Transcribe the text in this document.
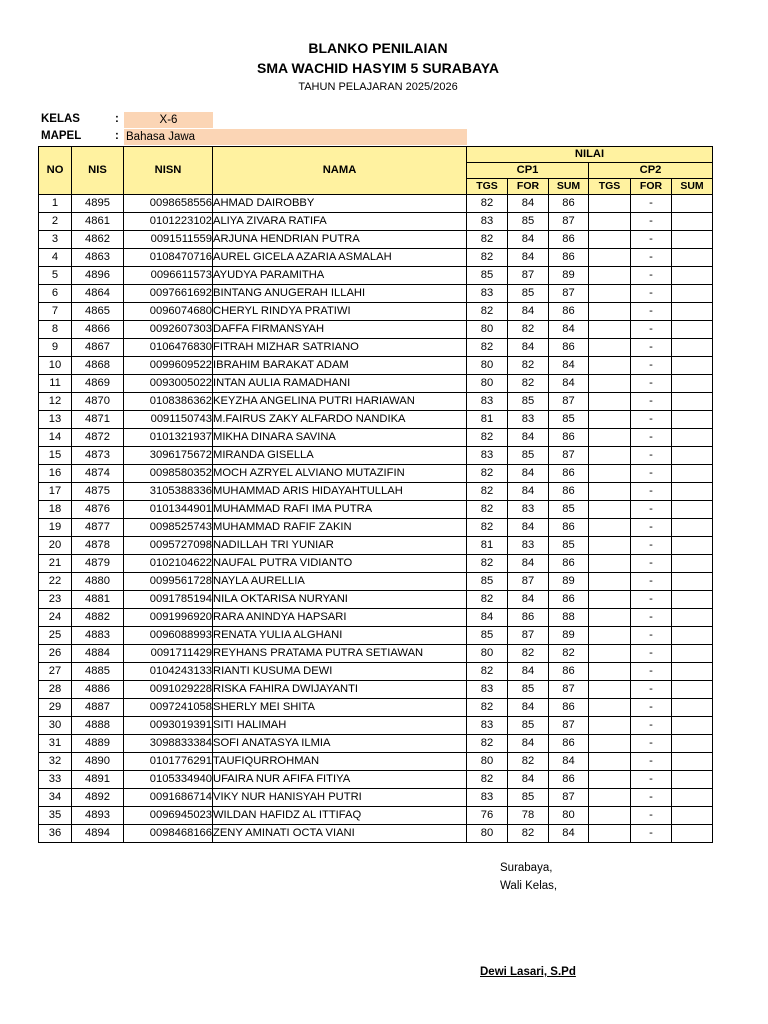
BLANKO PENILAIAN
SMA WACHID HASYIM 5 SURABAYA
TAHUN PELAJARAN 2025/2026
KELAS	:	X-6
MAPEL	: Bahasa Jawa
NO	NIS	NISN	NAMA	NILAI					
				CP1			CP2		
				TGS	FOR	SUM	TGS	FOR	SUM
1	4895	0098658556	AHMAD DAIROBBY	82	84	86		-	
2	4861	0101223102	ALIYA ZIVARA RATIFA	83	85	87		-	
3	4862	0091511559	ARJUNA HENDRIAN PUTRA	82	84	86		-	
4	4863	0108470716	AUREL GICELA AZARIA ASMALAH	82	84	86		-	
5	4896	0096611573	AYUDYA PARAMITHA	85	87	89		-	
6	4864	0097661692	BINTANG ANUGERAH ILLAHI	83	85	87		-	
7	4865	0096074680	CHERYL RINDYA PRATIWI	82	84	86		-	
8	4866	0092607303	DAFFA FIRMANSYAH	80	82	84		-	
9	4867	0106476830	FITRAH MIZHAR SATRIANO	82	84	86		-	
10	4868	0099609522	IBRAHIM BARAKAT ADAM	80	82	84		-	
11	4869	0093005022	INTAN AULIA RAMADHANI	80	82	84		-	
12	4870	0108386362	KEYZHA ANGELINA PUTRI HARIAWAN	83	85	87		-	
13	4871	0091150743	M.FAIRUS ZAKY ALFARDO NANDIKA	81	83	85		-	
14	4872	0101321937	MIKHA DINARA SAVINA	82	84	86		-	
15	4873	3096175672	MIRANDA GISELLA	83	85	87		-	
16	4874	0098580352	MOCH AZRYEL ALVIANO MUTAZIFIN	82	84	86		-	
17	4875	3105388336	MUHAMMAD ARIS HIDAYAHTULLAH	82	84	86		-	
18	4876	0101344901	MUHAMMAD RAFI IMA PUTRA	82	83	85		-	
19	4877	0098525743	MUHAMMAD RAFIF ZAKIN	82	84	86		-	
20	4878	0095727098	NADILLAH TRI YUNIAR	81	83	85		-	
21	4879	0102104622	NAUFAL PUTRA VIDIANTO	82	84	86		-	
22	4880	0099561728	NAYLA AURELLIA	85	87	89		-	
23	4881	0091785194	NILA OKTARISA NURYANI	82	84	86		-	
24	4882	0091996920	RARA ANINDYA HAPSARI	84	86	88		-	
25	4883	0096088993	RENATA YULIA ALGHANI	85	87	89		-	
26	4884	0091711429	REYHANS PRATAMA PUTRA SETIAWAN	80	82	82		-	
27	4885	0104243133	RIANTI KUSUMA DEWI	82	84	86		-	
28	4886	0091029228	RISKA FAHIRA DWIJAYANTI	83	85	87		-	
29	4887	0097241058	SHERLY MEI SHITA	82	84	86		-	
30	4888	0093019391	SITI HALIMAH	83	85	87		-	
31	4889	3098833384	SOFI ANATASYA ILMIA	82	84	86		-	
32	4890	0101776291	TAUFIQURROHMAN	80	82	84		-	
33	4891	0105334940	UFAIRA NUR AFIFA FITIYA	82	84	86		-	
34	4892	0091686714	VIKY NUR HANISYAH PUTRI	83	85	87		-	
35	4893	0096945023	WILDAN HAFIDZ AL ITTIFAQ	76	78	80		-	
36	4894	0098468166	ZENY AMINATI OCTA VIANI	80	82	84		-	
Surabaya,
Wali Kelas,
Dewi Lasari, S.Pd
